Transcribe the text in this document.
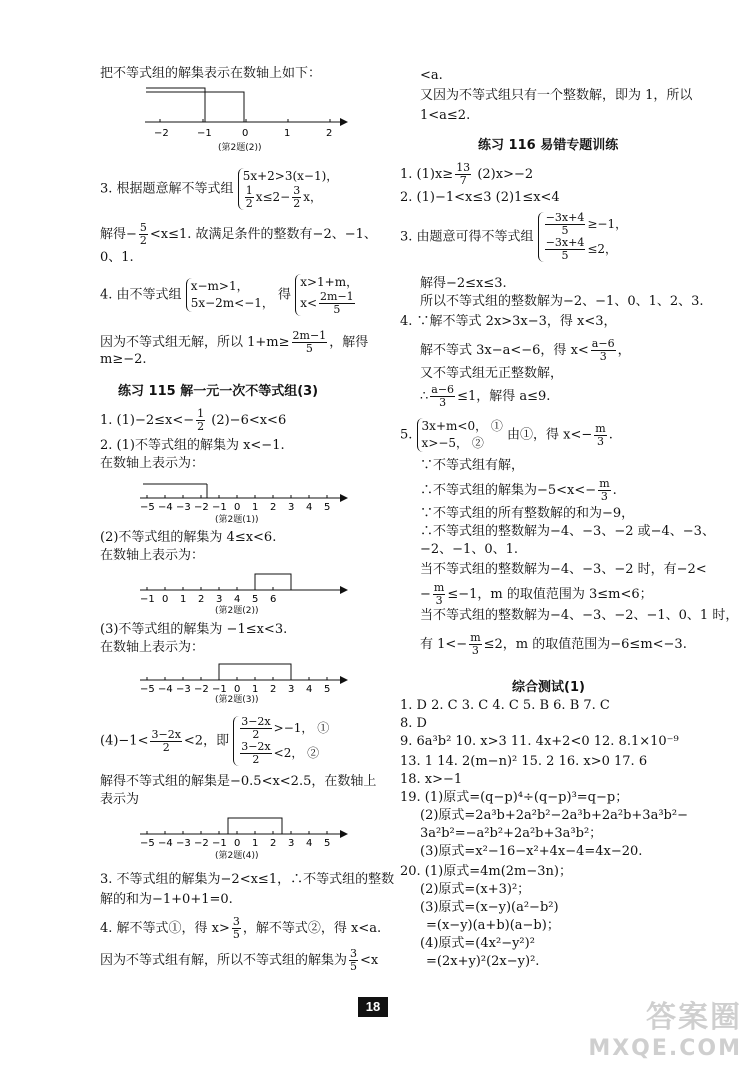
把不等式组的解集表示在数轴上如下：
−2	−1	0	1	2
(第2题(2))
3. 根据题意解不等式组
5x+2>3(x−1)，
$\frac{1}{2} x\le 2- \frac{3}{2}$ x，
解得− $\frac{5}{2} <x\le 1$. 故满足条件的整数有−2、−1、
0、1.
4. 由不等式组
x−m>1，
5x−2m<−1，
得
x>1+m，
$x< \frac{2m-1}{5}$
因为不等式组无解，所以 $1+m\ge \frac{2m-1}{5}$ ，解得
m≥−2.
练习 115 解一元一次不等式组(3)
1. $(1)-2\le x<- \frac{1}{2} (2)-6<x<6$
2. (1)不等式组的解集为 x<−1.
在数轴上表示为：
−5 −4 −3 −2 −1 0 1 2 3 4 5
(第2题(1))
(2)不等式组的解集为 4≤x<6.
在数轴上表示为：
−1 0 1 2 3 4 5 6
(第2题(2))
(3)不等式组的解集为 −1≤x<3.
在数轴上表示为：
−5 −4 −3 −2 −1 0 1 2 3 4 5
(第2题(3))
$(4)-1< \frac{3-2x}{2} <2$，即 $\frac{3-2x}{2} >-1$， ①
$\frac{3-2x}{2} <2$， ②
解得不等式组的解集是−0.5<x<2.5，在数轴上
表示为
−5 −4 −3 −2 −1 0 1 2 3 4 5
(第2题(4))
3. 不等式组的解集为−2<x≤1，∴不等式组的整数
解的和为−1+0+1=0.
4. 解不等式①，得 $x> \frac{3}{5}$ ，解不等式②，得 x<a.
因为不等式组有解，所以不等式组的解集为 $\frac{3}{5} <x$
<a.
又因为不等式组只有一个整数解，即为 1，所以
1<a≤2.
练习 116 易错专题训练
1. $(1)x\ge \frac{13}{7} (2)x>-2$
2. (1)−1<x≤3 (2)1≤x<4
3. 由题意可得不等式组 $\frac{-3x+4}{5} \ge-1$，
$\frac{-3x+4}{5} \le 2$，
解得−2≤x≤3.
所以不等式组的整数解为−2、−1、0、1、2、3.
4. ∵解不等式 2x>3x−3，得 x<3，
解不等式 3x−a<−6，得 $x< \frac{a-6}{3}$ ，
又不等式组无正整数解，
∴ $\frac{a-6}{3} \le 1$，解得 a≤9.
5.
3x+m<0， ①
x>−5， ②
由①，得 $x<- \frac{m}{3}$ .
∵不等式组有解，
∴不等式组的解集为$-5<x<- \frac{m}{3}$ .
∵不等式组的所有整数解的和为−9，
∴不等式组的整数解为−4、−3、−2 或−4、−3、
−2、−1、0、1.
当不等式组的整数解为−4、−3、−2 时，有−2<
− $\frac{m}{3} \le-1$，m 的取值范围为 3≤m<6；
当不等式组的整数解为−4、−3、−2、−1、0、1 时，
有 $1<- \frac{m}{3} \le 2$，m 的取值范围为−6≤m<−3.
综合测试(1)
1. D 2. C 3. C 4. C 5. B 6. B 7. C
8. D
9. 6a³b² 10. x>3 11. 4x+2<0 12. 8.1×10⁻⁹
13. 1 14. 2(m−n)² 15. 2 16. x>0 17. 6
18. x>−1
19. (1)原式=(q−p)⁴÷(q−p)³=q−p；
(2)原式=2a³b+2a²b²−2a³b+2a²b+3a³b²−
3a²b²=−a²b²+2a²b+3a³b²；
(3)原式=x²−16−x²+4x−4=4x−20.
20. (1)原式=4m(2m−3n)；
(2)原式=(x+3)²；
(3)原式=(x−y)(a²−b²)
=(x−y)(a+b)(a−b)；
(4)原式=(4x²−y²)²
=(2x+y)²(2x−y)².
18	答案圈
MXQE.COM
